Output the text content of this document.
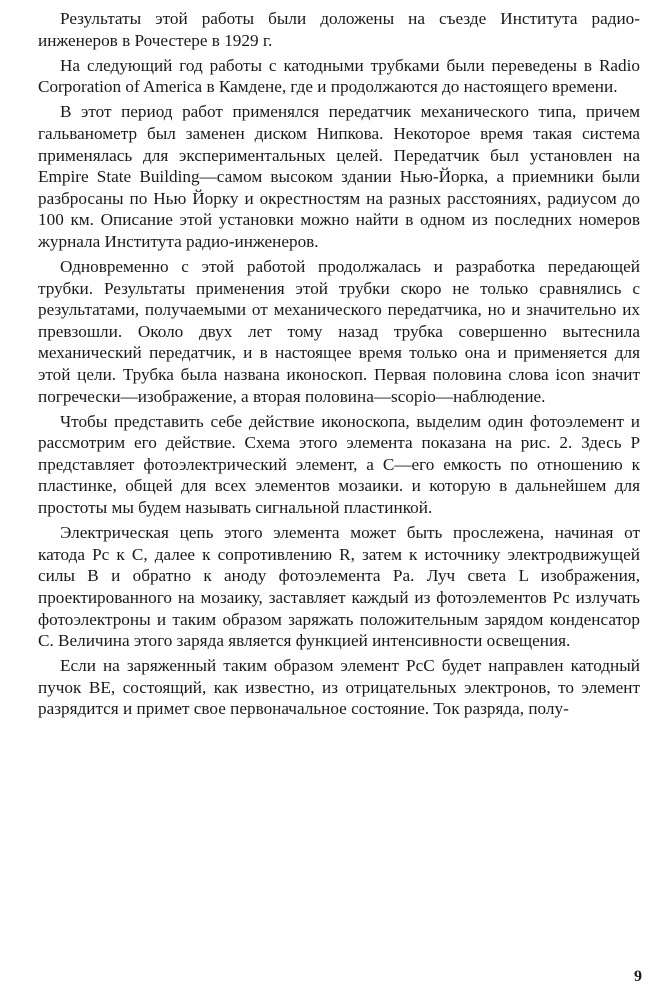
Результаты этой работы были доложены на съезде Института радио-инженеров в Рочестере в 1929 г.

На следующий год работы с катодными трубками были переведены в Radio Corporation of America в Камдене, где и продолжаются до настоящего времени.

В этот период работ применялся передатчик механического типа, причем гальванометр был заменен диском Нипкова. Некоторое время такая система применялась для экспериментальных целей. Передатчик был установлен на Empire State Building—самом высоком здании Нью-Йорка, а приемники были разбросаны по Нью Йорку и окрестностям на разных расстояниях, радиусом до 100 км. Описание этой установки можно найти в одном из последних номеров журнала Института радио-инженеров.

Одновременно с этой работой продолжалась и разработка передающей трубки. Результаты применения этой трубки скоро не только сравнялись с результатами, получаемыми от механического передатчика, но и значительно их превзошли. Около двух лет тому назад трубка совершенно вытеснила механический передатчик, и в настоящее время только она и применяется для этой цели. Трубка была названа иконоскоп. Первая половина слова icon значит погречески—изображение, а вторая половина—scopio—наблюдение.

Чтобы представить себе действие иконоскопа, выделим один фотоэлемент и рассмотрим его действие. Схема этого элемента показана на рис. 2. Здесь P представляет фотоэлектрический элемент, а C—его емкость по отношению к пластинке, общей для всех элементов мозаики. и которую в дальнейшем для простоты мы будем называть сигнальной пластинкой.

Электрическая цепь этого элемента может быть прослежена, начиная от катода Pc к C, далее к сопротивлению R, затем к источнику электродвижущей силы B и обратно к аноду фотоэлемента Pa. Луч света L изображения, проектированного на мозаику, заставляет каждый из фотоэлементов Pc излучать фотоэлектроны и таким образом заряжать положительным зарядом конденсатор C. Величина этого заряда является функцией интенсивности освещения.

Если на заряженный таким образом элемент PcC будет направлен катодный пучок BE, состоящий, как известно, из отрицательных электронов, то элемент разрядится и примет свое первоначальное состояние. Ток разряда, полу-

9
